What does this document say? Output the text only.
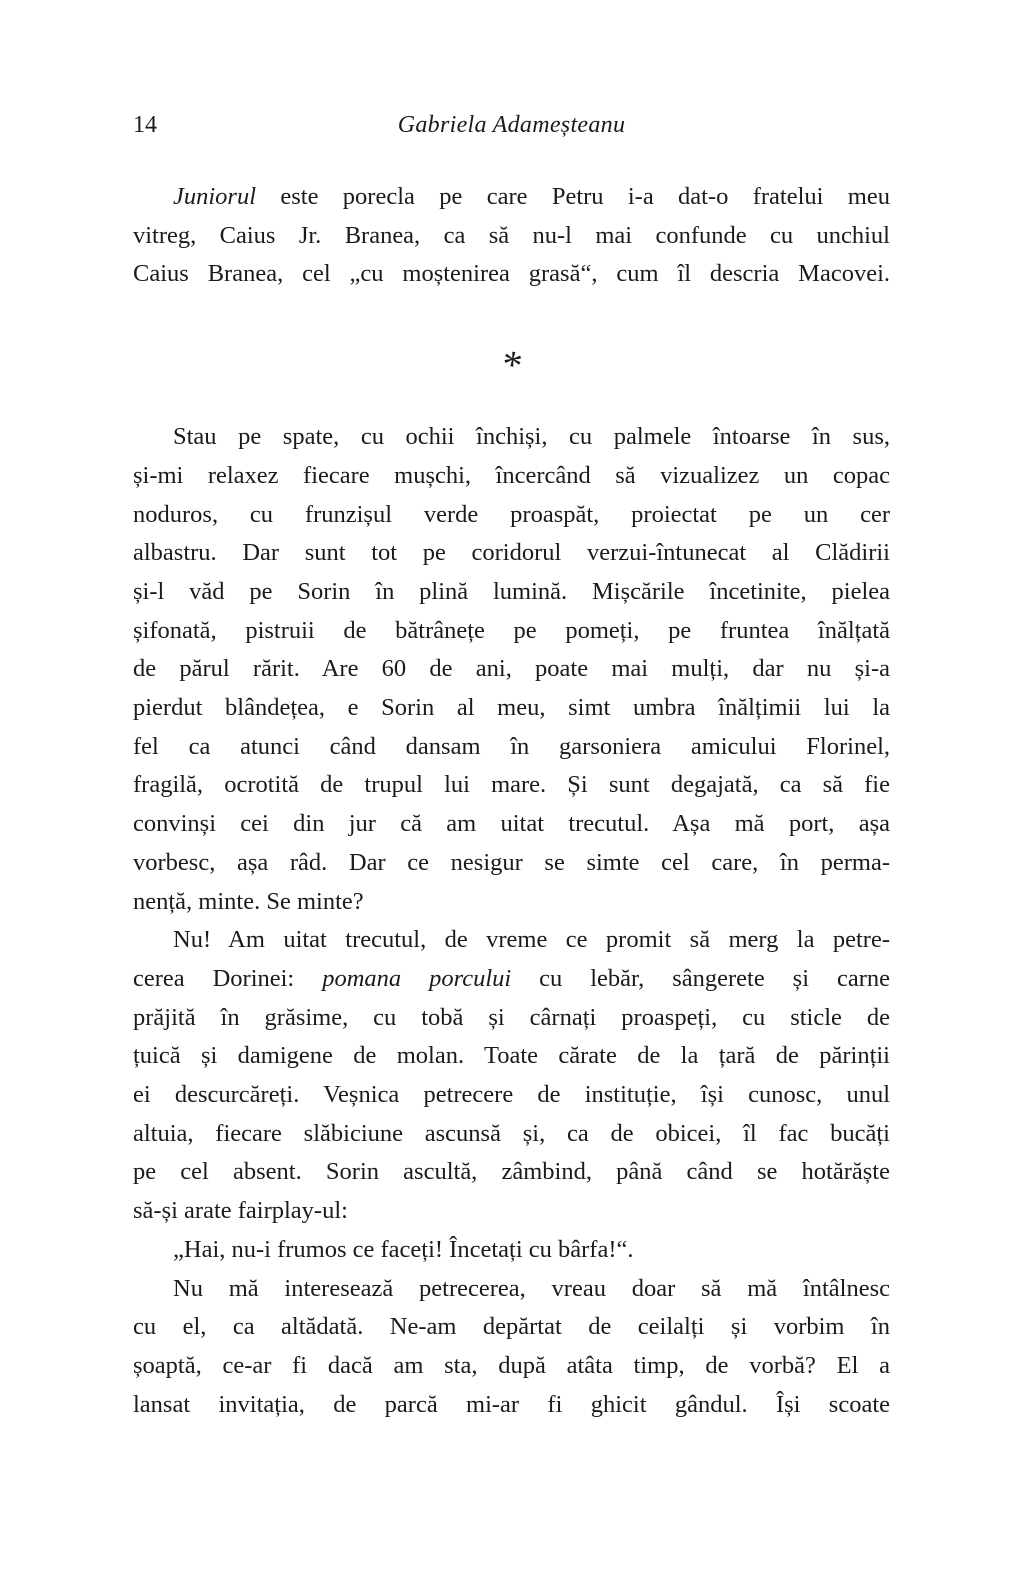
14	Gabriela Adameșteanu
Juniorul este porecla pe care Petru i-a dat-o fratelui meu
vitreg, Caius Jr. Branea, ca să nu-l mai confunde cu unchiul
Caius Branea, cel „cu moștenirea grasă“, cum îl descria Macovei.
*
Stau pe spate, cu ochii închiși, cu palmele întoarse în sus,
și-mi relaxez fiecare mușchi, încercând să vizualizez un copac
noduros, cu frunzișul verde proaspăt, proiectat pe un cer
albastru. Dar sunt tot pe coridorul verzui-întunecat al Clădirii
și-l văd pe Sorin în plină lumină. Mișcările încetinite, pielea
șifonată, pistruii de bătrânețe pe pomeți, pe fruntea înălțată
de părul rărit. Are 60 de ani, poate mai mulți, dar nu și-a
pierdut blândețea, e Sorin al meu, simt umbra înălțimii lui la
fel ca atunci când dansam în garsoniera amicului Florinel,
fragilă, ocrotită de trupul lui mare. Și sunt degajată, ca să fie
convinși cei din jur că am uitat trecutul. Așa mă port, așa
vorbesc, așa râd. Dar ce nesigur se simte cel care, în perma-
nență, minte. Se minte?
Nu! Am uitat trecutul, de vreme ce promit să merg la petre-
cerea Dorinei: pomana porcului cu lebăr, sângerete și carne
prăjită în grăsime, cu tobă și cârnați proaspeți, cu sticle de
țuică și damigene de molan. Toate cărate de la țară de părinții
ei descurcăreți. Veșnica petrecere de instituție, își cunosc, unul
altuia, fiecare slăbiciune ascunsă și, ca de obicei, îl fac bucăți
pe cel absent. Sorin ascultă, zâmbind, până când se hotărăște
să-și arate fairplay-ul:
„Hai, nu-i frumos ce faceți! Încetați cu bârfa!“.
Nu mă interesează petrecerea, vreau doar să mă întâlnesc
cu el, ca altădată. Ne-am depărtat de ceilalți și vorbim în
șoaptă, ce-ar fi dacă am sta, după atâta timp, de vorbă? El a
lansat invitația, de parcă mi-ar fi ghicit gândul. Își scoate
